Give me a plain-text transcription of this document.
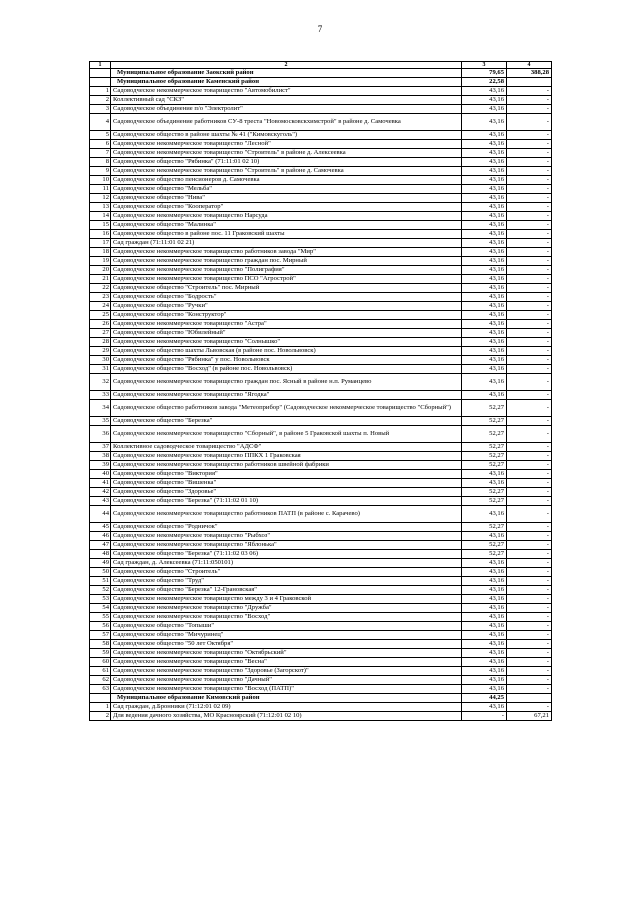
7
1	2	3	4
	Муниципальное образование Заокский район	79,65	388,28
	Муниципальное образование Каменский район	22,58	
1	Садоводческое некоммерческое товарищество "Автомобилист"	43,16	-
2	Коллективный сад "СКЗ"	43,16	-
3	Садоводческое объединение п/о "Электролит"	43,16	-
4	Садоводческое объединение работников СУ-8 треста "Новомосковскхимстрой" в районе д. Самочевка	43,16	-
5	Садоводческое общество в районе шахты № 41 ("Кимовскуголь")	43,16	-
6	Садоводческое некоммерческое товарищество "Лесной"	43,16	-
7	Садоводческое некоммерческое товарищество "Строитель" в районе д. Алексеевка	43,16	-
8	Садоводческое общество "Рябинка" (71:11:01 02 10)	43,16	-
9	Садоводческое некоммерческое товарищество "Строитель" в районе д. Самочевка	43,16	-
10	Садоводческое общество пенсионеров д. Самочевка	43,16	-
11	Садоводческое общество "Мельба"	43,16	-
12	Садоводческое общество "Нива"	43,16	-
13	Садоводческое общество "Кооператор"	43,16	-
14	Садоводческое некоммерческое товарищество Нарсуда	43,16	-
15	Садоводческое общество "Малинка"	43,16	-
16	Садоводческое общество в районе пос. 11 Граковский шахты	43,16	-
17	Сад граждан (71:11:01 02 21)	43,16	-
18	Садоводческое некоммерческое товарищество работников завода "Мир"	43,16	-
19	Садоводческое некоммерческое товарищество граждан пос. Мирный	43,16	-
20	Садоводческое некоммерческое товарищество "Полиграфия"	43,16	-
21	Садоводческое некоммерческое товарищество ПСО "Агрострой"	43,16	-
22	Садоводческое общество "Строитель" пос. Мирный	43,16	-
23	Садоводческое общество "Бодрость"	43,16	-
24	Садоводческое общество "Ручки"	43,16	-
25	Садоводческое общество "Конструктор"	43,16	-
26	Садоводческое некоммерческое товарищество "Астра"	43,16	-
27	Садоводческое общество "Юбилейный"	43,16	-
28	Садоводческое некоммерческое товарищество "Солнышко"	43,16	-
29	Садоводческое общество шахты Львовская (в районе пос. Новольвовск)	43,16	-
30	Садоводческое общество "Рябинка" у пос. Новольвовск	43,16	-
31	Садоводческое общество "Восход" (в районе пос. Новольвовск)	43,16	-
32	Садоводческое некоммерческое товарищество граждан пос. Ясный в районе н.п. Руманцево	43,16	-
33	Садоводческое некоммерческое товарищество "Ягодка"	43,16	-
34	Садоводческое общество работников завода "Метеоприбор" (Садоводческое некоммерческое товарищество "Сборный")	52,27	-
35	Садоводческое общество "Березка"	52,27	-
36	Садоводческое некоммерческое товарищество "Сборный", в районе 5 Граковской шахты п. Новый	52,27	-
37	Коллективное садоводческое товарищество "АДСФ"	52,27	-
38	Садоводческое некоммерческое товарищество ППКХ 1 Граковская	52,27	-
39	Садоводческое некоммерческое товарищество работников швейной фабрики	52,27	-
40	Садоводческое общество "Виктория"	43,16	-
41	Садоводческое общество "Вишенка"	43,16	-
42	Садоводческое общество "Здоровье"	52,27	-
43	Садоводческое общество "Березка" (71:11:02 01 10)	52,27	-
44	Садоводческое некоммерческое товарищество работников ПАТП (в районе с. Карачево)	43,16	-
45	Садоводческое общество "Родничок"	52,27	-
46	Садоводческое некоммерческое товарищество "Рыбхоз"	43,16	-
47	Садоводческое некоммерческое товарищество "Яблонька"	52,27	-
48	Садоводческое общество "Березка" (71:11:02 03 06)	52,27	-
49	Сад граждан, д. Алексеевка (71:11:050101)	43,16	-
50	Садоводческое общество "Строитель"	43,16	-
51	Садоводческое общество "Труд"	43,16	-
52	Садоводческое общество "Березка" 12-Грановская"	43,16	-
53	Садоводческое некоммерческое товарищество между 3 и 4 Граковской	43,16	-
54	Садоводческое некоммерческое товарищество "Дружба"	43,16	-
55	Садоводческое некоммерческое товарищество "Восход"	43,16	-
56	Садоводческое общество "Топыши"	43,16	-
57	Садоводческое общество "Мичуринец"	43,16	-
58	Садоводческое общество "50 лет Октября"	43,16	-
59	Садоводческое некоммерческое товарищество "Октябрьский"	43,16	-
60	Садоводческое некоммерческое товарищество "Весна"	43,16	-
61	Садоводческое некоммерческое товарищество "Здоровье (Загорскот)"	43,16	-
62	Садоводческое некоммерческое товарищество "Дачный"	43,16	-
63	Садоводческое некоммерческое товарищество "Восход (ПАТП)"	43,16	-
	Муниципальное образование Кимовский район	44,25	
1	Сад граждан, д.Бронники (71:12:01 02 09)	43,16	-
2	Для ведения дачного хозяйства, МО Красноярский (71:12:01 02 10)	-	67,21
